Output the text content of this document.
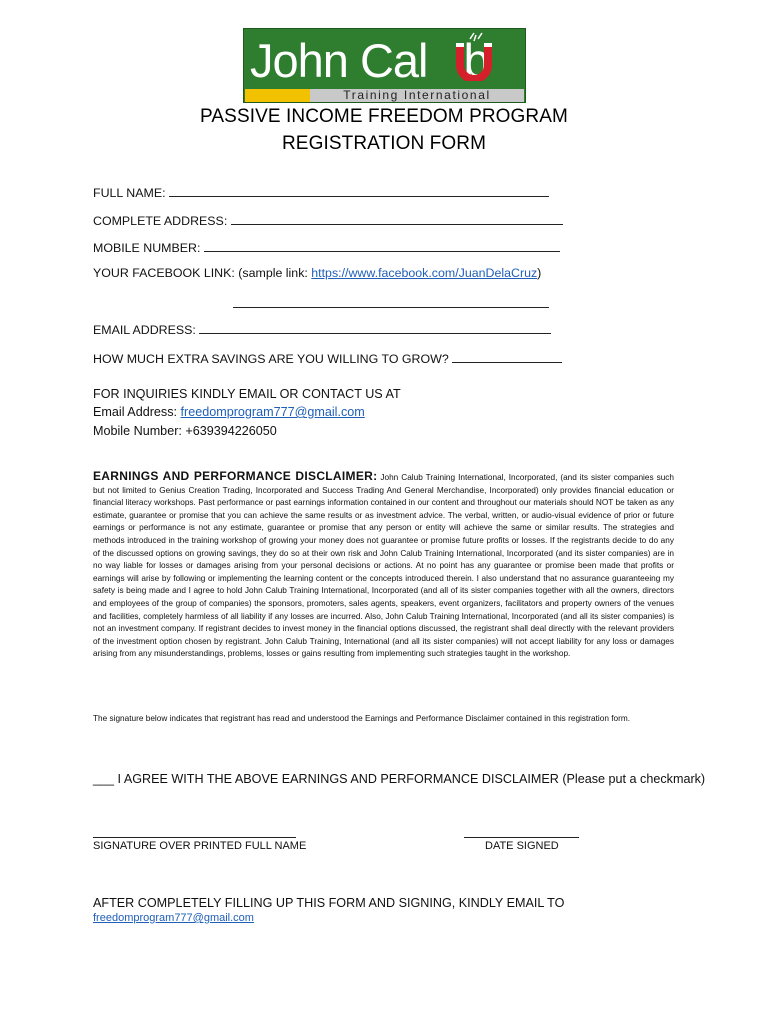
John Cal b
Training International
PASSIVE INCOME FREEDOM PROGRAM
REGISTRATION FORM
FULL NAME:
COMPLETE ADDRESS:
MOBILE NUMBER:
YOUR FACEBOOK LINK: (sample link: https://www.facebook.com/JuanDelaCruz)
EMAIL ADDRESS:
HOW MUCH EXTRA SAVINGS ARE YOU WILLING TO GROW?
FOR INQUIRIES KINDLY EMAIL OR CONTACT US AT
Email Address: freedomprogram777@gmail.com
Mobile Number: +639394226050
EARNINGS AND PERFORMANCE DISCLAIMER: John Calub Training International, Incorporated, (and its sister companies such but not limited to Genius Creation Trading, Incorporated and Success Trading And General Merchandise, Incorporated) only provides financial education or financial literacy workshops. Past performance or past earnings information contained in our content and throughout our materials should NOT be taken as any estimate, guarantee or promise that you can achieve the same results or as investment advice. The verbal, written, or audio-visual evidence of prior or future earnings or performance is not any estimate, guarantee or promise that any person or entity will achieve the same or similar results. The strategies and methods introduced in the training workshop of growing your money does not guarantee or promise future profits or losses. If the registrants decide to do any of the discussed options on growing savings, they do so at their own risk and John Calub Training International, Incorporated (and its sister companies) are in no way liable for losses or damages arising from your personal decisions or actions. At no point has any guarantee or promise been made that profits or earnings will arise by following or implementing the learning content or the concepts introduced therein. I also understand that no assurance guaranteeing my safety is being made and I agree to hold John Calub Training International, Incorporated (and all of its sister companies together with all the owners, directors and employees of the group of companies) the sponsors, promoters, sales agents, speakers, event organizers, facilitators and property owners of the venues and facilities, completely harmless of all liability if any losses are incurred. Also, John Calub Training International, Incorporated (and all its sister companies) is not an investment company. If registrant decides to invest money in the financial options discussed, the registrant shall deal directly with the relevant providers of the investment option chosen by registrant. John Calub Training, International (and all its sister companies) will not accept liability for any loss or damages arising from any misunderstandings, problems, losses or gains resulting from implementing such strategies taught in the workshop.
The signature below indicates that registrant has read and understood the Earnings and Performance Disclaimer contained in this registration form.
___ I AGREE WITH THE ABOVE EARNINGS AND PERFORMANCE DISCLAIMER (Please put a checkmark)
SIGNATURE OVER PRINTED FULL NAME	DATE SIGNED
AFTER COMPLETELY FILLING UP THIS FORM AND SIGNING, KINDLY EMAIL TO
freedomprogram777@gmail.com
